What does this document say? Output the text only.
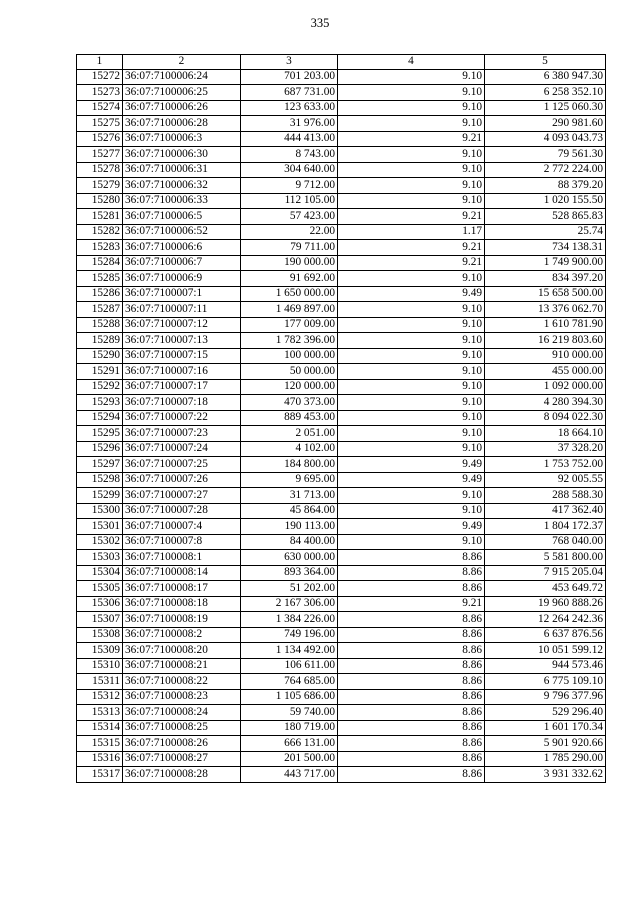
335
1	2	3	4	5
15272	36:07:7100006:24	701 203.00	9.10	6 380 947.30
15273	36:07:7100006:25	687 731.00	9.10	6 258 352.10
15274	36:07:7100006:26	123 633.00	9.10	1 125 060.30
15275	36:07:7100006:28	31 976.00	9.10	290 981.60
15276	36:07:7100006:3	444 413.00	9.21	4 093 043.73
15277	36:07:7100006:30	8 743.00	9.10	79 561.30
15278	36:07:7100006:31	304 640.00	9.10	2 772 224.00
15279	36:07:7100006:32	9 712.00	9.10	88 379.20
15280	36:07:7100006:33	112 105.00	9.10	1 020 155.50
15281	36:07:7100006:5	57 423.00	9.21	528 865.83
15282	36:07:7100006:52	22.00	1.17	25.74
15283	36:07:7100006:6	79 711.00	9.21	734 138.31
15284	36:07:7100006:7	190 000.00	9.21	1 749 900.00
15285	36:07:7100006:9	91 692.00	9.10	834 397.20
15286	36:07:7100007:1	1 650 000.00	9.49	15 658 500.00
15287	36:07:7100007:11	1 469 897.00	9.10	13 376 062.70
15288	36:07:7100007:12	177 009.00	9.10	1 610 781.90
15289	36:07:7100007:13	1 782 396.00	9.10	16 219 803.60
15290	36:07:7100007:15	100 000.00	9.10	910 000.00
15291	36:07:7100007:16	50 000.00	9.10	455 000.00
15292	36:07:7100007:17	120 000.00	9.10	1 092 000.00
15293	36:07:7100007:18	470 373.00	9.10	4 280 394.30
15294	36:07:7100007:22	889 453.00	9.10	8 094 022.30
15295	36:07:7100007:23	2 051.00	9.10	18 664.10
15296	36:07:7100007:24	4 102.00	9.10	37 328.20
15297	36:07:7100007:25	184 800.00	9.49	1 753 752.00
15298	36:07:7100007:26	9 695.00	9.49	92 005.55
15299	36:07:7100007:27	31 713.00	9.10	288 588.30
15300	36:07:7100007:28	45 864.00	9.10	417 362.40
15301	36:07:7100007:4	190 113.00	9.49	1 804 172.37
15302	36:07:7100007:8	84 400.00	9.10	768 040.00
15303	36:07:7100008:1	630 000.00	8.86	5 581 800.00
15304	36:07:7100008:14	893 364.00	8.86	7 915 205.04
15305	36:07:7100008:17	51 202.00	8.86	453 649.72
15306	36:07:7100008:18	2 167 306.00	9.21	19 960 888.26
15307	36:07:7100008:19	1 384 226.00	8.86	12 264 242.36
15308	36:07:7100008:2	749 196.00	8.86	6 637 876.56
15309	36:07:7100008:20	1 134 492.00	8.86	10 051 599.12
15310	36:07:7100008:21	106 611.00	8.86	944 573.46
15311	36:07:7100008:22	764 685.00	8.86	6 775 109.10
15312	36:07:7100008:23	1 105 686.00	8.86	9 796 377.96
15313	36:07:7100008:24	59 740.00	8.86	529 296.40
15314	36:07:7100008:25	180 719.00	8.86	1 601 170.34
15315	36:07:7100008:26	666 131.00	8.86	5 901 920.66
15316	36:07:7100008:27	201 500.00	8.86	1 785 290.00
15317	36:07:7100008:28	443 717.00	8.86	3 931 332.62
